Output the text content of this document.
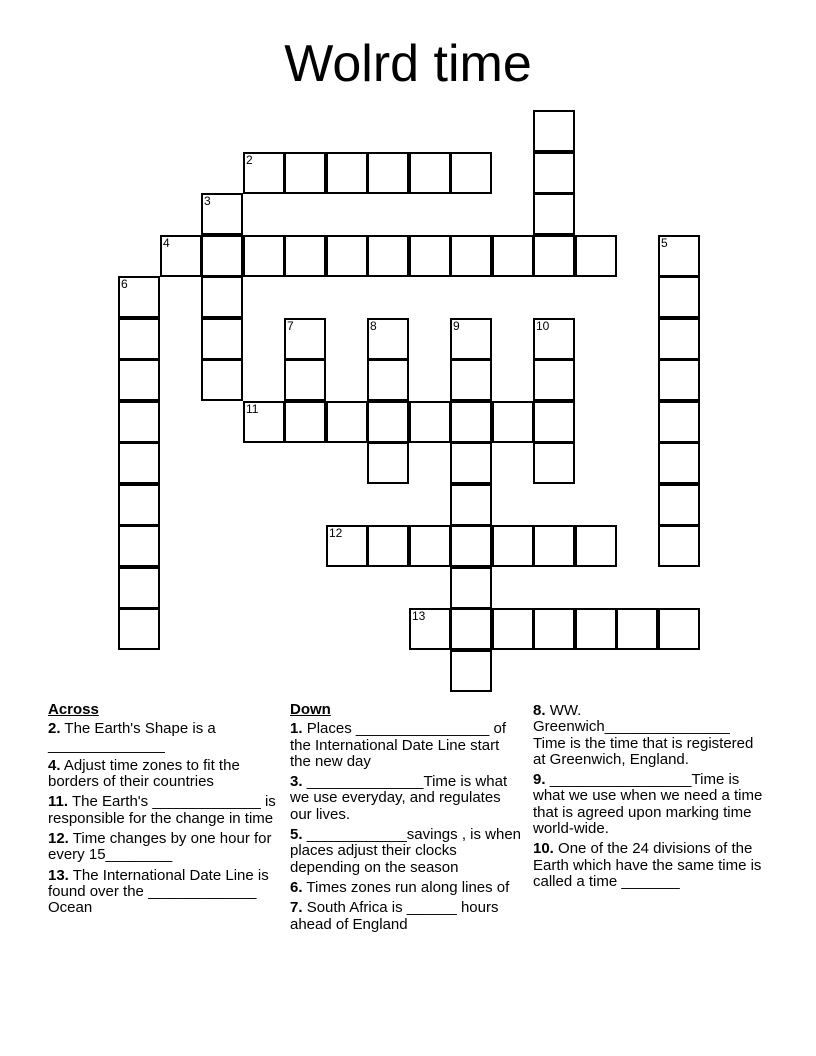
Wolrd time
2
3
4	5
6
7	8	9	10
11
12
13
Across
2. The Earth's Shape is a ______________
4. Adjust time zones to fit the borders of their countries
11. The Earth's _____________ is responsible for the change in time
12. Time changes by one hour for every 15________
13. The International Date Line is found over the _____________ Ocean
Down
1. Places ________________ of the International Date Line start the new day
3. ______________Time is what we use everyday, and regulates our lives.
5. ____________savings , is when places adjust their clocks depending on the season
6. Times zones run along lines of
7. South Africa is ______ hours ahead of England
8. WW. Greenwich_______________ Time is the time that is registered at Greenwich, England.
9. _________________Time is what we use when we need a time that is agreed upon marking time world-wide.
10. One of the 24 divisions of the Earth which have the same time is called a time _______
